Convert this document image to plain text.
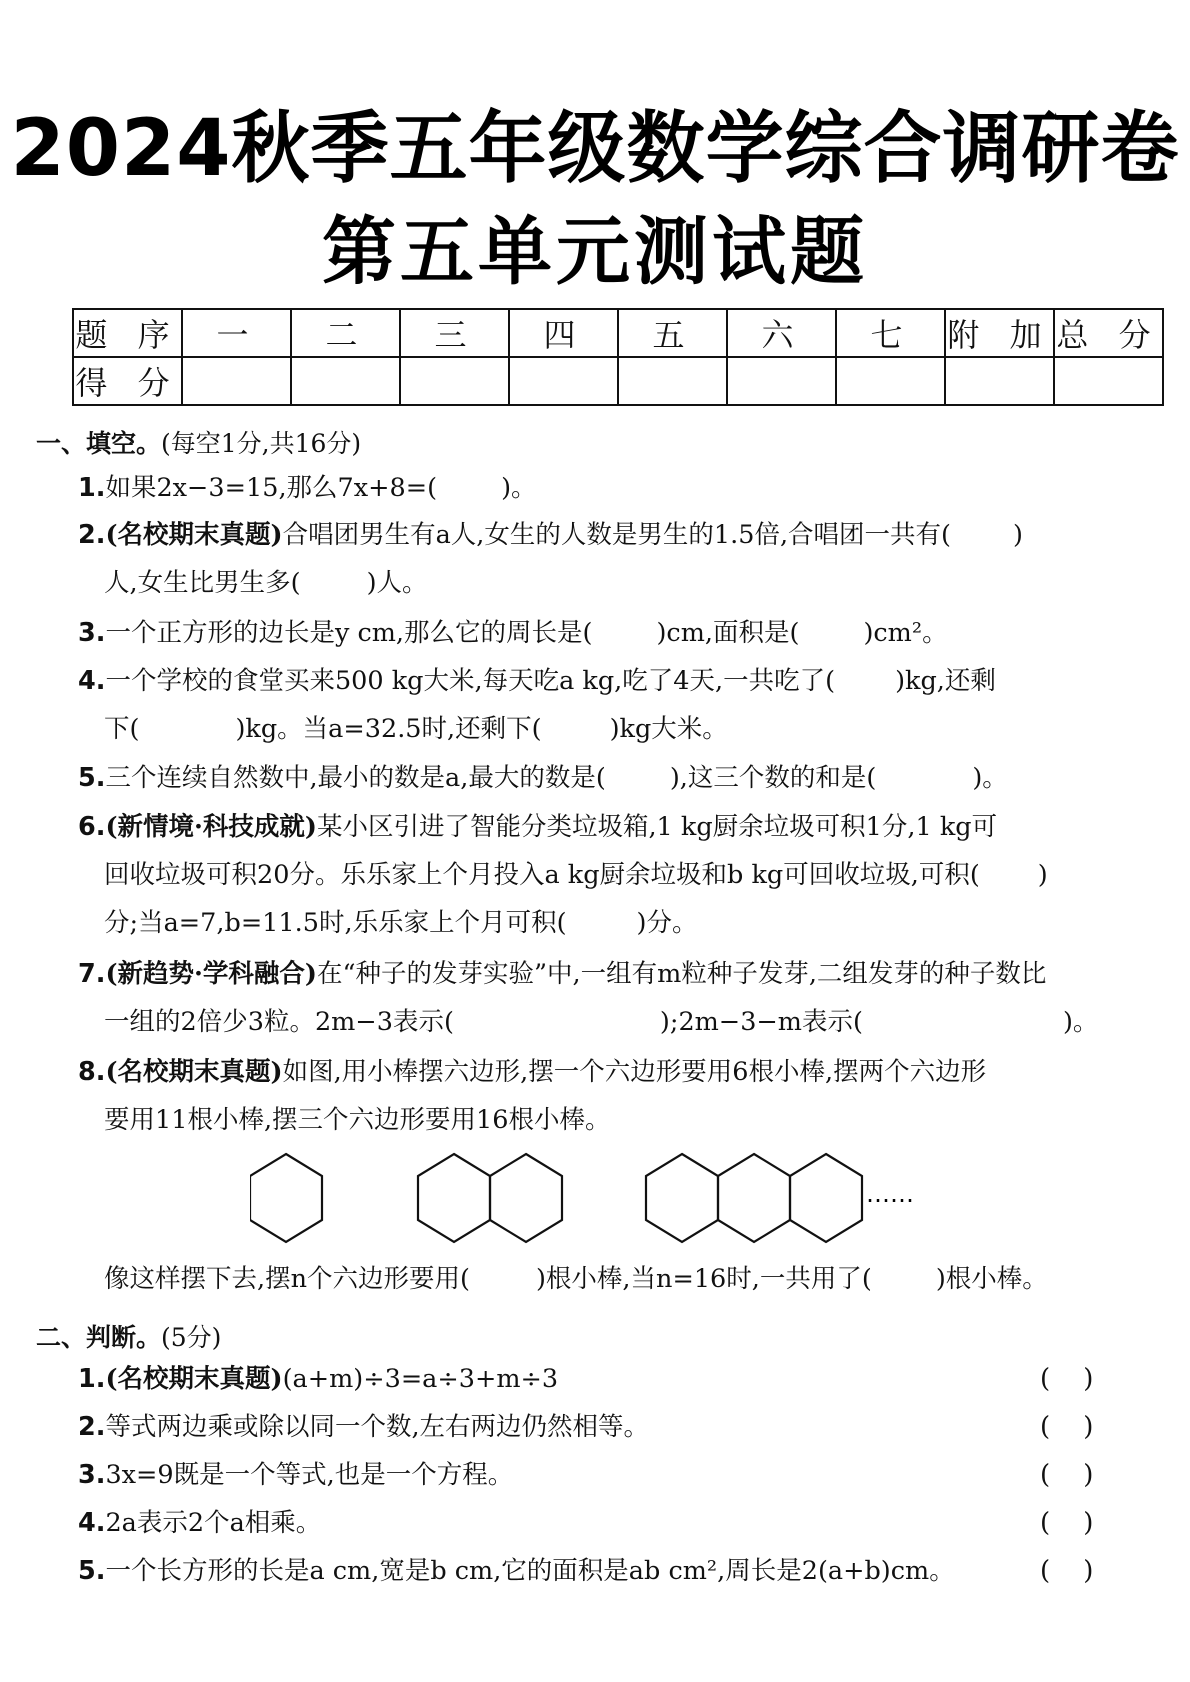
2024秋季五年级数学综合调研卷
第五单元测试题
题 序	一	二	三	四	五	六	七	附 加	总 分
得 分									
一、填空。(每空1分,共16分)
1.如果2x−3=15,那么7x+8=(	)。
2.(名校期末真题)合唱团男生有a人,女生的人数是男生的1.5倍,合唱团一共有( )
人,女生比男生多(	)人。
3.一个正方形的边长是y cm,那么它的周长是(	)cm,面积是(	)cm²。
4.一个学校的食堂买来500 kg大米,每天吃a kg,吃了4天,一共吃了( )kg,还剩
下(	)kg。当a=32.5时,还剩下(	)kg大米。
5.三个连续自然数中,最小的数是a,最大的数是(	),这三个数的和是(	)。
6.(新情境·科技成就)某小区引进了智能分类垃圾箱,1 kg厨余垃圾可积1分,1 kg可
回收垃圾可积20分。乐乐家上个月投入a kg厨余垃圾和b kg可回收垃圾,可积( )
分;当a=7,b=11.5时,乐乐家上个月可积(	)分。
7.(新趋势·学科融合)在“种子的发芽实验”中,一组有m粒种子发芽,二组发芽的种子数比
一组的2倍少3粒。2m−3表示(	);2m−3−m表示(	)。
8.(名校期末真题)如图,用小棒摆六边形,摆一个六边形要用6根小棒,摆两个六边形
要用11根小棒,摆三个六边形要用16根小棒。
……
像这样摆下去,摆n个六边形要用(	)根小棒,当n=16时,一共用了(	)根小棒。
二、判断。(5分)
1.(名校期末真题)(a+m)÷3=a÷3+m÷3	(    )
2.等式两边乘或除以同一个数,左右两边仍然相等。	(    )
3.3x=9既是一个等式,也是一个方程。	(    )
4.2a表示2个a相乘。	(    )
5.一个长方形的长是a cm,宽是b cm,它的面积是ab cm²,周长是2(a+b)cm。	(    )
